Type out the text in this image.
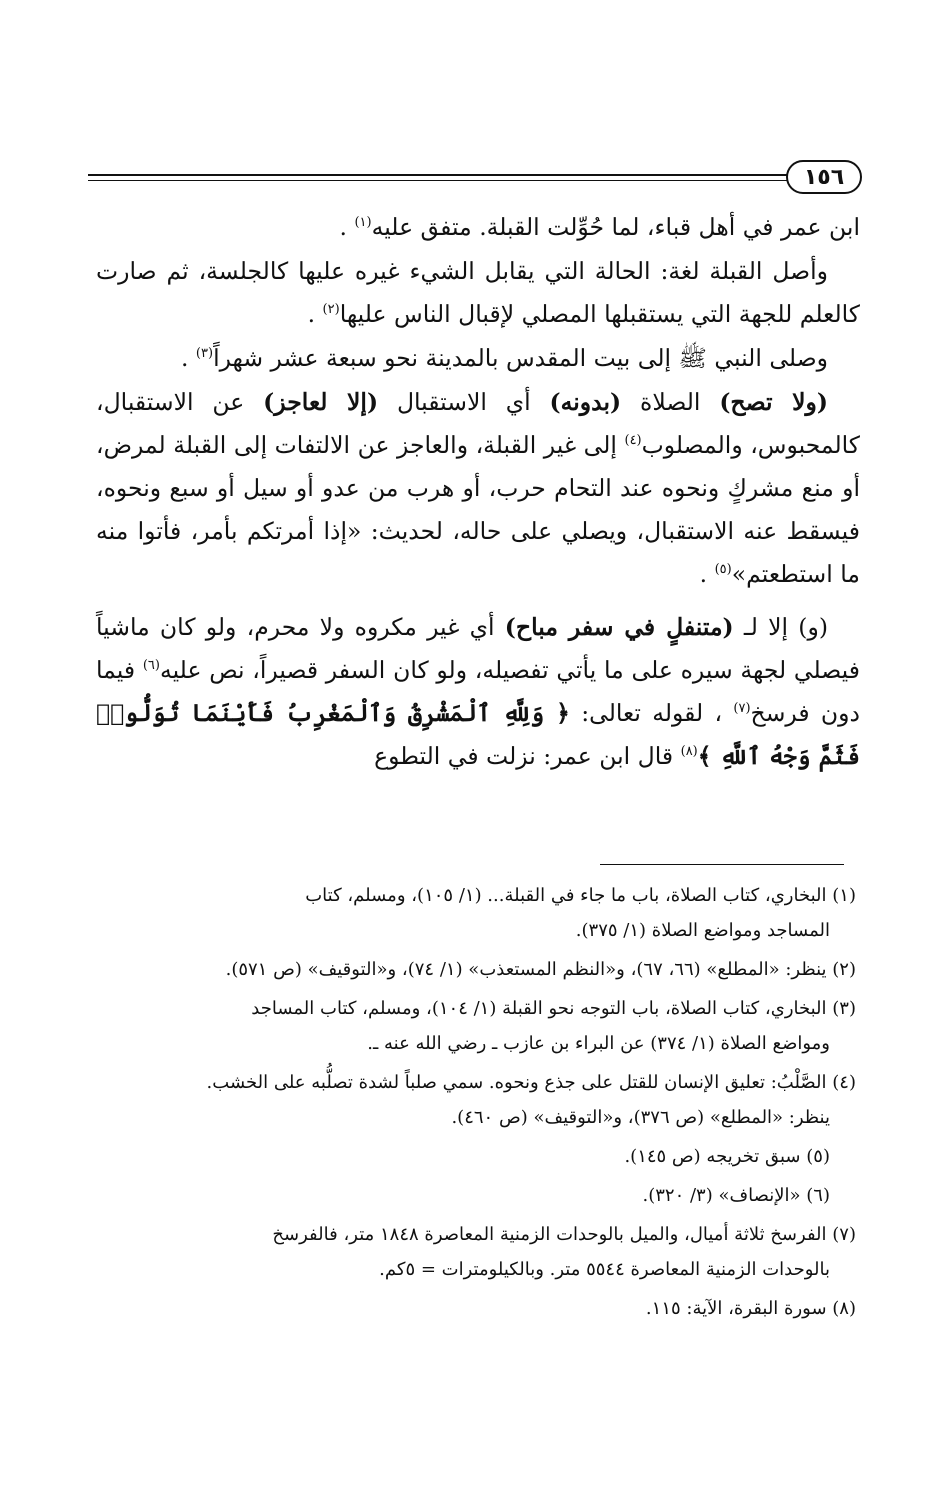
١٥٦

ابن عمر في أهل قباء، لما حُوِّلت القبلة. متفق عليه$^{(١)}$ .

وأصل القبلة لغة: الحالة التي يقابل الشيء غيره عليها كالجلسة، ثم صارت كالعلم للجهة التي يستقبلها المصلي لإقبال الناس عليها$^{(٢)}$ .

وصلى النبي ﷺ إلى بيت المقدس بالمدينة نحو سبعة عشر شهراً$^{(٣)}$ .

(ولا تصح) الصلاة (بدونه) أي الاستقبال (إلا لعاجز) عن الاستقبال، كالمحبوس، والمصلوب$^{(٤)}$ إلى غير القبلة، والعاجز عن الالتفات إلى القبلة لمرض، أو منع مشركٍ ونحوه عند التحام حرب، أو هرب من عدو أو سيل أو سبع ونحوه، فيسقط عنه الاستقبال، ويصلي على حاله، لحديث: «إذا أمرتكم بأمر، فأتوا منه ما استطعتم»$^{(٥)}$ .

(و) إلا لـ (متنفلٍ في سفر مباح) أي غير مكروه ولا محرم، ولو كان ماشياً فيصلي لجهة سيره على ما يأتي تفصيله، ولو كان السفر قصيراً، نص عليه$^{(٦)}$ فيما دون فرسخ$^{(٧)}$ ، لقوله تعالى: ﴿ وَلِلَّهِ ٱلْمَشْرِقُ وَٱلْمَغْرِبُ فَأَيْنَمَا تُوَلُّوا۟ فَثَمَّ وَجْهُ ٱللَّهِ ﴾$^{(٨)}$ قال ابن عمر: نزلت في التطوع

(١) البخاري، كتاب الصلاة، باب ما جاء في القبلة... (١/ ١٠٥)، ومسلم، كتاب
المساجد ومواضع الصلاة (١/ ٣٧٥).
(٢) ينظر: «المطلع» (٦٦، ٦٧)، و«النظم المستعذب» (١/ ٧٤)، و«التوقيف» (ص ٥٧١).
(٣) البخاري، كتاب الصلاة، باب التوجه نحو القبلة (١/ ١٠٤)، ومسلم، كتاب المساجد
ومواضع الصلاة (١/ ٣٧٤) عن البراء بن عازب ـ رضي الله عنه ـ.
(٤) الصَّلْبُ: تعليق الإنسان للقتل على جذع ونحوه. سمي صلباً لشدة تصلُّبه على الخشب.
ينظر: «المطلع» (ص ٣٧٦)، و«التوقيف» (ص ٤٦٠).
(٥) سبق تخريجه (ص ١٤٥).
(٦) «الإنصاف» (٣/ ٣٢٠).
(٧) الفرسخ ثلاثة أميال، والميل بالوحدات الزمنية المعاصرة ١٨٤٨ متر، فالفرسخ
بالوحدات الزمنية المعاصرة ٥٥٤٤ متر. وبالكيلومترات = ٥كم.
(٨) سورة البقرة، الآية: ١١٥.
